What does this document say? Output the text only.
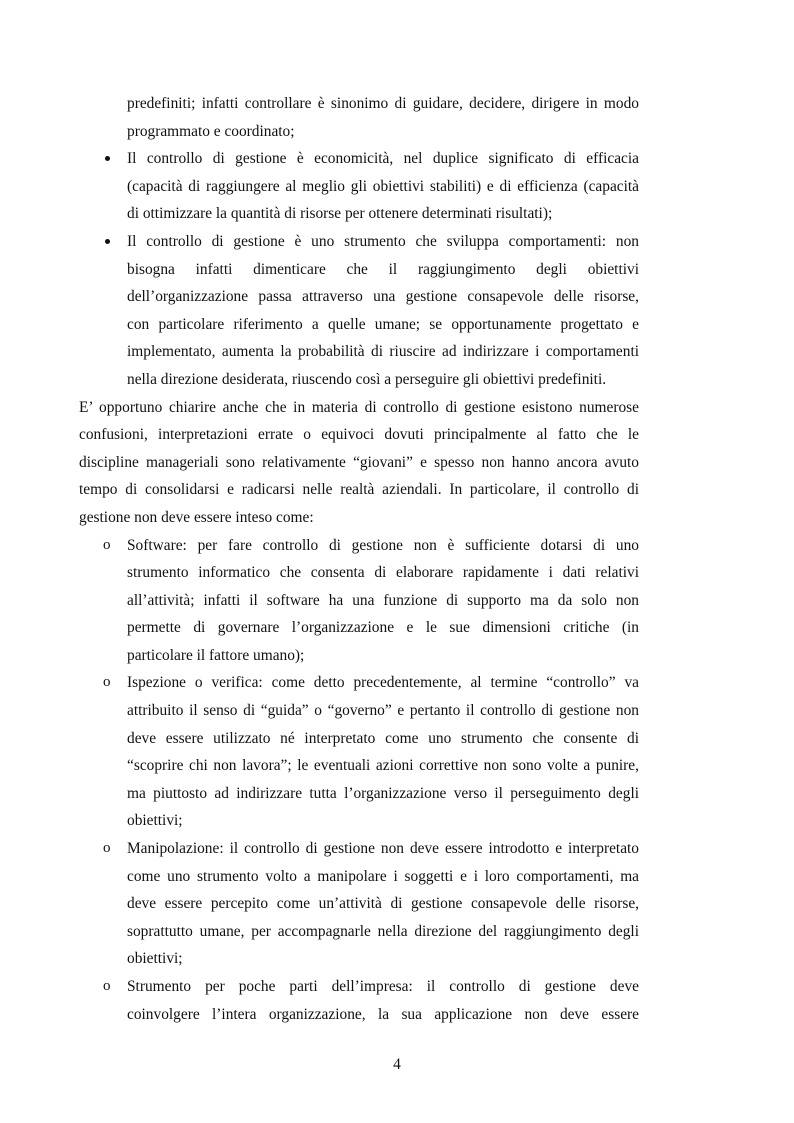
predefiniti; infatti controllare è sinonimo di guidare, decidere, dirigere in modo
programmato e coordinato;
Il controllo di gestione è economicità, nel duplice significato di efficacia
(capacità di raggiungere al meglio gli obiettivi stabiliti) e di efficienza (capacità
di ottimizzare la quantità di risorse per ottenere determinati risultati);
Il controllo di gestione è uno strumento che sviluppa comportamenti: non
bisogna infatti dimenticare che il raggiungimento degli obiettivi
dell’organizzazione passa attraverso una gestione consapevole delle risorse,
con particolare riferimento a quelle umane; se opportunamente progettato e
implementato, aumenta la probabilità di riuscire ad indirizzare i comportamenti
nella direzione desiderata, riuscendo così a perseguire gli obiettivi predefiniti.
E’ opportuno chiarire anche che in materia di controllo di gestione esistono numerose
confusioni, interpretazioni errate o equivoci dovuti principalmente al fatto che le
discipline manageriali sono relativamente “giovani” e spesso non hanno ancora avuto
tempo di consolidarsi e radicarsi nelle realtà aziendali. In particolare, il controllo di
gestione non deve essere inteso come:
o Software: per fare controllo di gestione non è sufficiente dotarsi di uno
strumento informatico che consenta di elaborare rapidamente i dati relativi
all’attività; infatti il software ha una funzione di supporto ma da solo non
permette di governare l’organizzazione e le sue dimensioni critiche (in
particolare il fattore umano);
o Ispezione o verifica: come detto precedentemente, al termine “controllo” va
attribuito il senso di “guida” o “governo” e pertanto il controllo di gestione non
deve essere utilizzato né interpretato come uno strumento che consente di
“scoprire chi non lavora”; le eventuali azioni correttive non sono volte a punire,
ma piuttosto ad indirizzare tutta l’organizzazione verso il perseguimento degli
obiettivi;
o Manipolazione: il controllo di gestione non deve essere introdotto e interpretato
come uno strumento volto a manipolare i soggetti e i loro comportamenti, ma
deve essere percepito come un’attività di gestione consapevole delle risorse,
soprattutto umane, per accompagnarle nella direzione del raggiungimento degli
obiettivi;
o Strumento per poche parti dell’impresa: il controllo di gestione deve
coinvolgere l’intera organizzazione, la sua applicazione non deve essere
4
